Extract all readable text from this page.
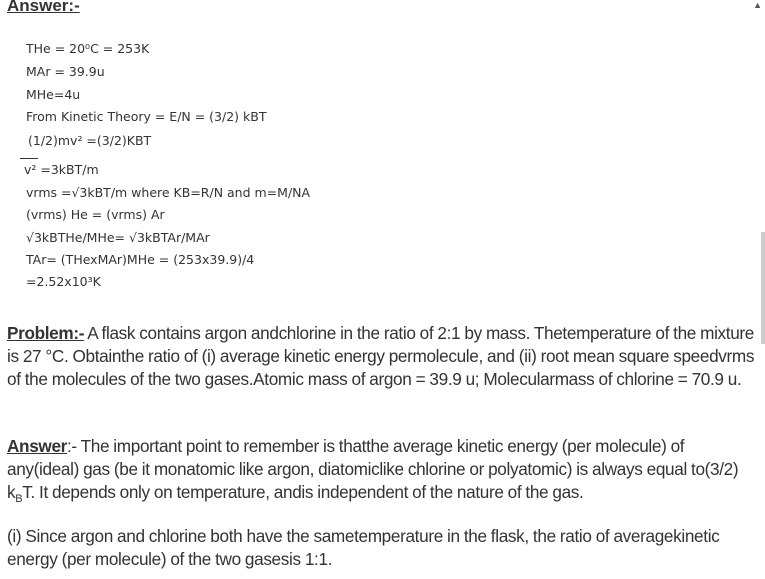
Answer:-
THe = 20⁰C = 253K
MAr = 39.9u
MHe=4u
From Kinetic Theory = E/N = (3/2) kBT
(1/2)mv² =(3/2)KBT
v² =3kBT/m
vrms =√3kBT/m where KB=R/N and m=M/NA
(vrms) He = (vrms) Ar
√3kBTHe/MHe= √3kBTAr/MAr
TAr= (THexMAr)MHe = (253x39.9)/4
=2.52x10³K

Problem:- A flask contains argon andchlorine in the ratio of 2:1 by mass. Thetemperature of the mixture is 27 °C. Obtainthe ratio of (i) average kinetic energy permolecule, and (ii) root mean square speedvrms of the molecules of the two gases.Atomic mass of argon = 39.9 u; Molecularmass of chlorine = 70.9 u.

Answer:- The important point to remember is thatthe average kinetic energy (per molecule) of any(ideal) gas (be it monatomic like argon, diatomiclike chlorine or polyatomic) is always equal to(3/2) $k_BT$. It depends only on temperature, andis independent of the nature of the gas.

(i) Since argon and chlorine both have the sametemperature in the flask, the ratio of averagekinetic energy (per molecule) of the two gasesis 1:1.

▲
